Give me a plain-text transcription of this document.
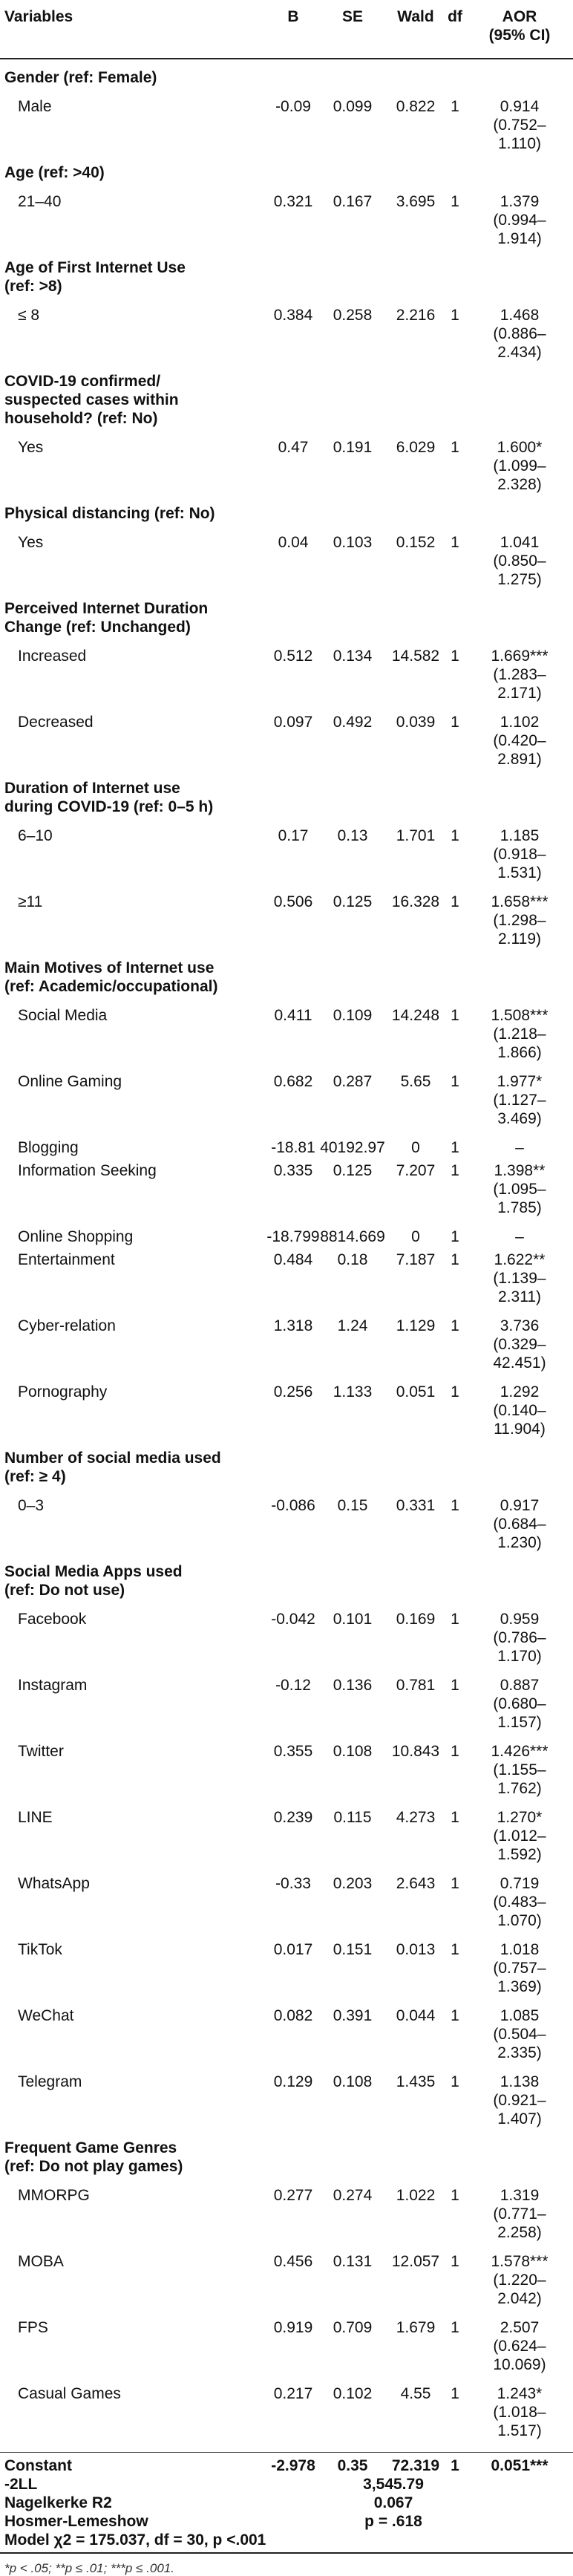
Variables	B	SE	Wald df	AOR
(95% CI)
Gender (ref: Female)
Male	-0.09	0.099	0.822 1	0.914
(0.752–
1.110)
Age (ref: >40)
21–40	0.321	0.167	3.695 1	1.379
(0.994–
1.914)
Age of First Internet Use
(ref: >8)
≤ 8	0.384	0.258	2.216 1	1.468
(0.886–
2.434)
COVID-19 confirmed/
suspected cases within
household? (ref: No)
Yes	0.47	0.191	6.029 1	1.600*
(1.099–
2.328)
Physical distancing (ref: No)
Yes	0.04	0.103	0.152 1	1.041
(0.850–
1.275)
Perceived Internet Duration
Change (ref: Unchanged)
Increased	0.512	0.134	14.582 1	1.669***
(1.283–
2.171)
Decreased	0.097	0.492	0.039 1	1.102
(0.420–
2.891)
Duration of Internet use
during COVID-19 (ref: 0–5 h)
6–10	0.17	0.13	1.701 1	1.185
(0.918–
1.531)
≥11	0.506	0.125	16.328 1	1.658***
(1.298–
2.119)
Main Motives of Internet use
(ref: Academic/occupational)
Social Media	0.411	0.109	14.248 1	1.508***
(1.218–
1.866)
Online Gaming	0.682	0.287	5.65	1	1.977*
(1.127–
3.469)
Blogging	-18.81 40192.97	0	1	–
Information Seeking	0.335	0.125	7.207 1	1.398**
(1.095–
1.785)
Online Shopping	-18.799 8814.669	0	1	–
Entertainment	0.484	0.18	7.187 1	1.622**
(1.139–
2.311)
Cyber-relation	1.318	1.24	1.129 1	3.736
(0.329–
42.451)
Pornography	0.256	1.133	0.051 1	1.292
(0.140–
11.904)
Number of social media used
(ref: ≥ 4)
0–3	-0.086	0.15	0.331 1	0.917
(0.684–
1.230)
Social Media Apps used
(ref: Do not use)
Facebook	-0.042	0.101	0.169 1	0.959
(0.786–
1.170)
Instagram	-0.12	0.136	0.781 1	0.887
(0.680–
1.157)
Twitter	0.355	0.108	10.843 1	1.426***
(1.155–
1.762)
LINE	0.239	0.115	4.273 1	1.270*
(1.012–
1.592)
WhatsApp	-0.33	0.203	2.643 1	0.719
(0.483–
1.070)
TikTok	0.017	0.151	0.013 1	1.018
(0.757–
1.369)
WeChat	0.082	0.391	0.044 1	1.085
(0.504–
2.335)
Telegram	0.129	0.108	1.435 1	1.138
(0.921–
1.407)
Frequent Game Genres
(ref: Do not play games)
MMORPG	0.277	0.274	1.022 1	1.319
(0.771–
2.258)
MOBA	0.456	0.131	12.057 1	1.578***
(1.220–
2.042)
FPS	0.919	0.709	1.679 1	2.507
(0.624–
10.069)
Casual Games	0.217	0.102	4.55	1	1.243*
(1.018–
1.517)
Constant	-2.978	0.35	72.319 1	0.051***
-2LL	3,545.79
Nagelkerke R2	0.067
Hosmer-Lemeshow	p = .618
Model χ2 = 175.037, df = 30, p <.001
*p < .05; **p ≤ .01; ***p ≤ .001.
